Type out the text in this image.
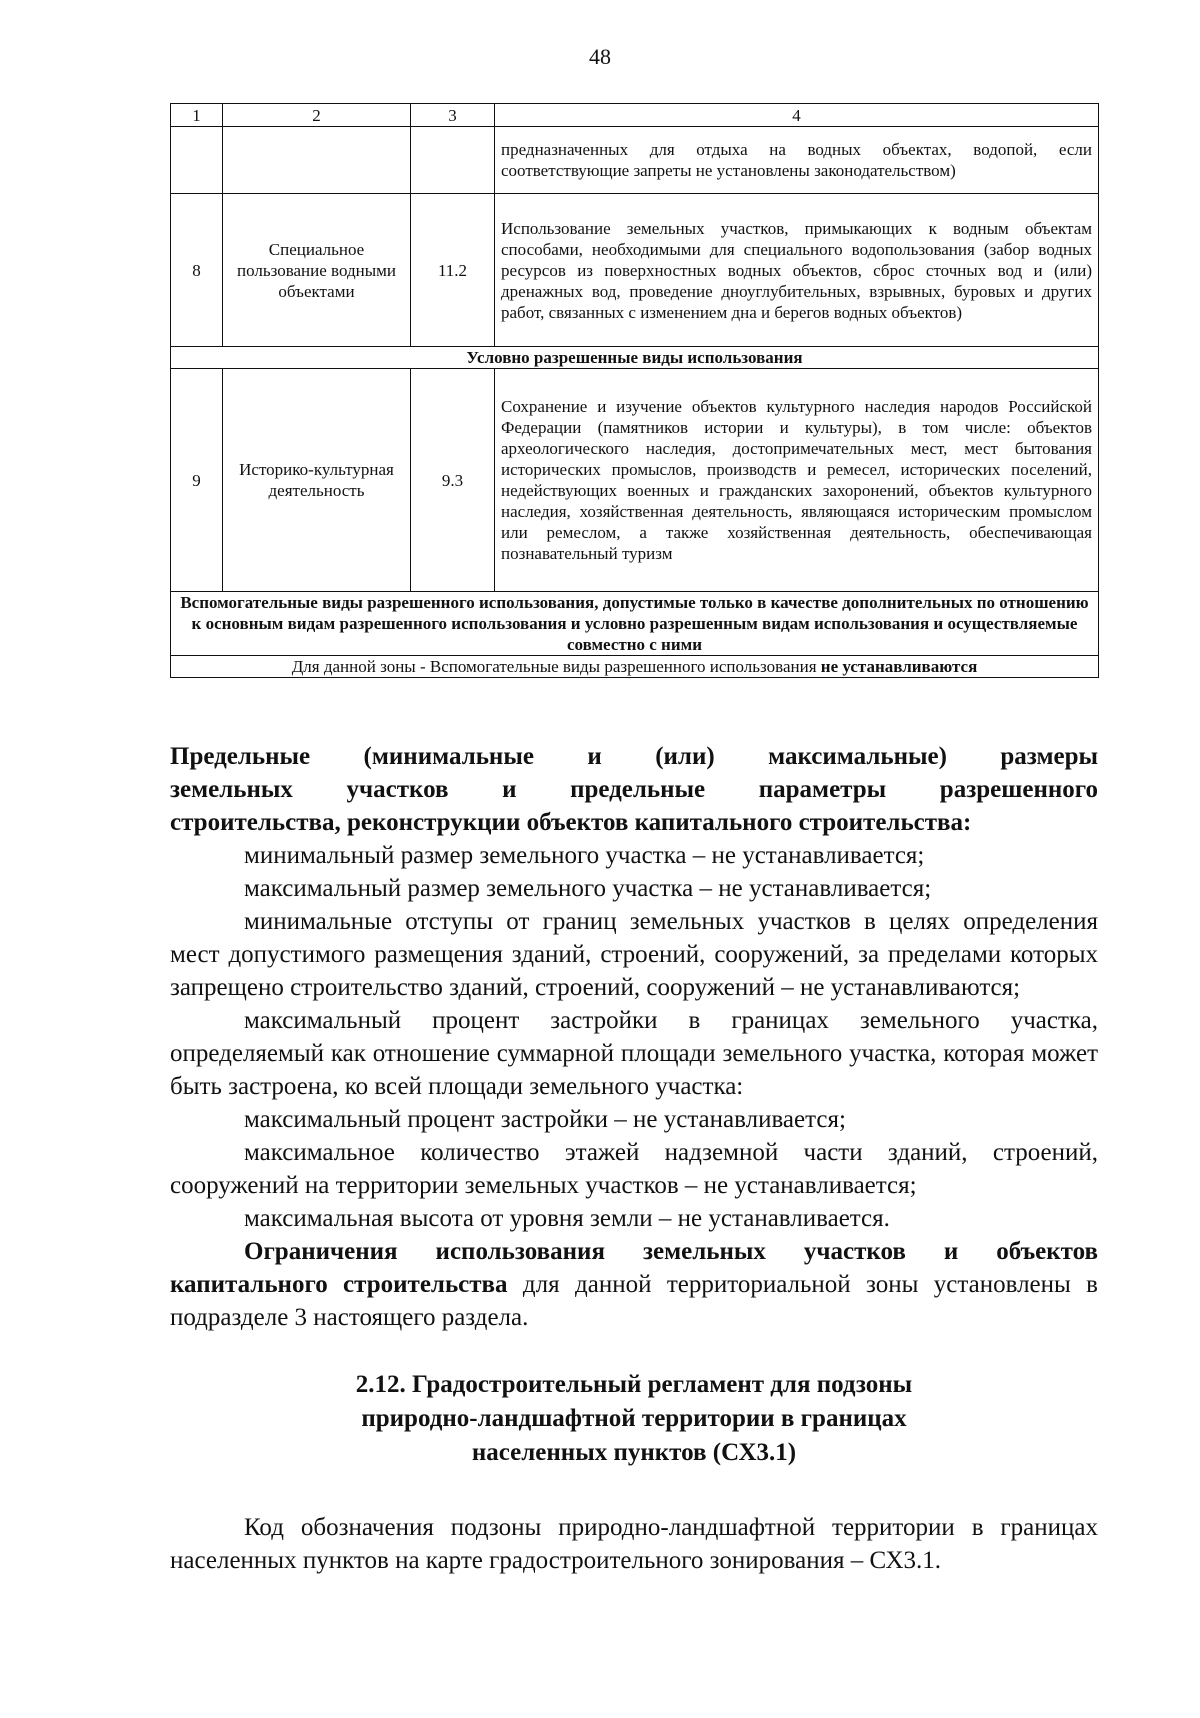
48
1	2	3	4
			предназначенных для отдыха на водных объектах, водопой, если соответствующие запреты не установлены законодательством)
8	Специальное пользование водными объектами	11.2	Использование земельных участков, примыкающих к водным объектам способами, необходимыми для специального водопользования (забор водных ресурсов из поверхностных водных объектов, сброс сточных вод и (или) дренажных вод, проведение дноуглубительных, взрывных, буровых и других работ, связанных с изменением дна и берегов водных объектов)
Условно разрешенные виды использования			
9	Историко-культурная деятельность	9.3	Сохранение и изучение объектов культурного наследия народов Российской Федерации (памятников истории и культуры), в том числе: объектов археологического наследия, достопримечательных мест, мест бытования исторических промыслов, производств и ремесел, исторических поселений, недействующих военных и гражданских захоронений, объектов культурного наследия, хозяйственная деятельность, являющаяся историческим промыслом или ремеслом, а также хозяйственная деятельность, обеспечивающая познавательный туризм
Вспомогательные виды разрешенного использования, допустимые только в качестве дополнительных по отношению к основным видам разрешенного использования и условно разрешенным видам использования и осуществляемые совместно с ними			
Для данной зоны - Вспомогательные виды разрешенного использования не устанавливаются			
Предельные (минимальные и (или) максимальные) размеры
земельных участков и предельные параметры разрешенного
строительства, реконструкции объектов капитального строительства:

минимальный размер земельного участка – не устанавливается;

максимальный размер земельного участка – не устанавливается;

минимальные отступы от границ земельных участков в целях определения мест допустимого размещения зданий, строений, сооружений, за пределами которых запрещено строительство зданий, строений, сооружений – не устанавливаются;

максимальный процент застройки в границах земельного участка, определяемый как отношение суммарной площади земельного участка, которая может быть застроена, ко всей площади земельного участка:

максимальный процент застройки – не устанавливается;

максимальное количество этажей надземной части зданий, строений, сооружений на территории земельных участков – не устанавливается;

максимальная высота от уровня земли – не устанавливается.

Ограничения использования земельных участков и объектов капитального строительства для данной территориальной зоны установлены в подразделе 3 настоящего раздела.

2.12. Градостроительный регламент для подзоны
природно-ландшафтной территории в границах
населенных пунктов (СХ3.1)

Код обозначения подзоны природно-ландшафтной территории в границах населенных пунктов на карте градостроительного зонирования – СХ3.1.
